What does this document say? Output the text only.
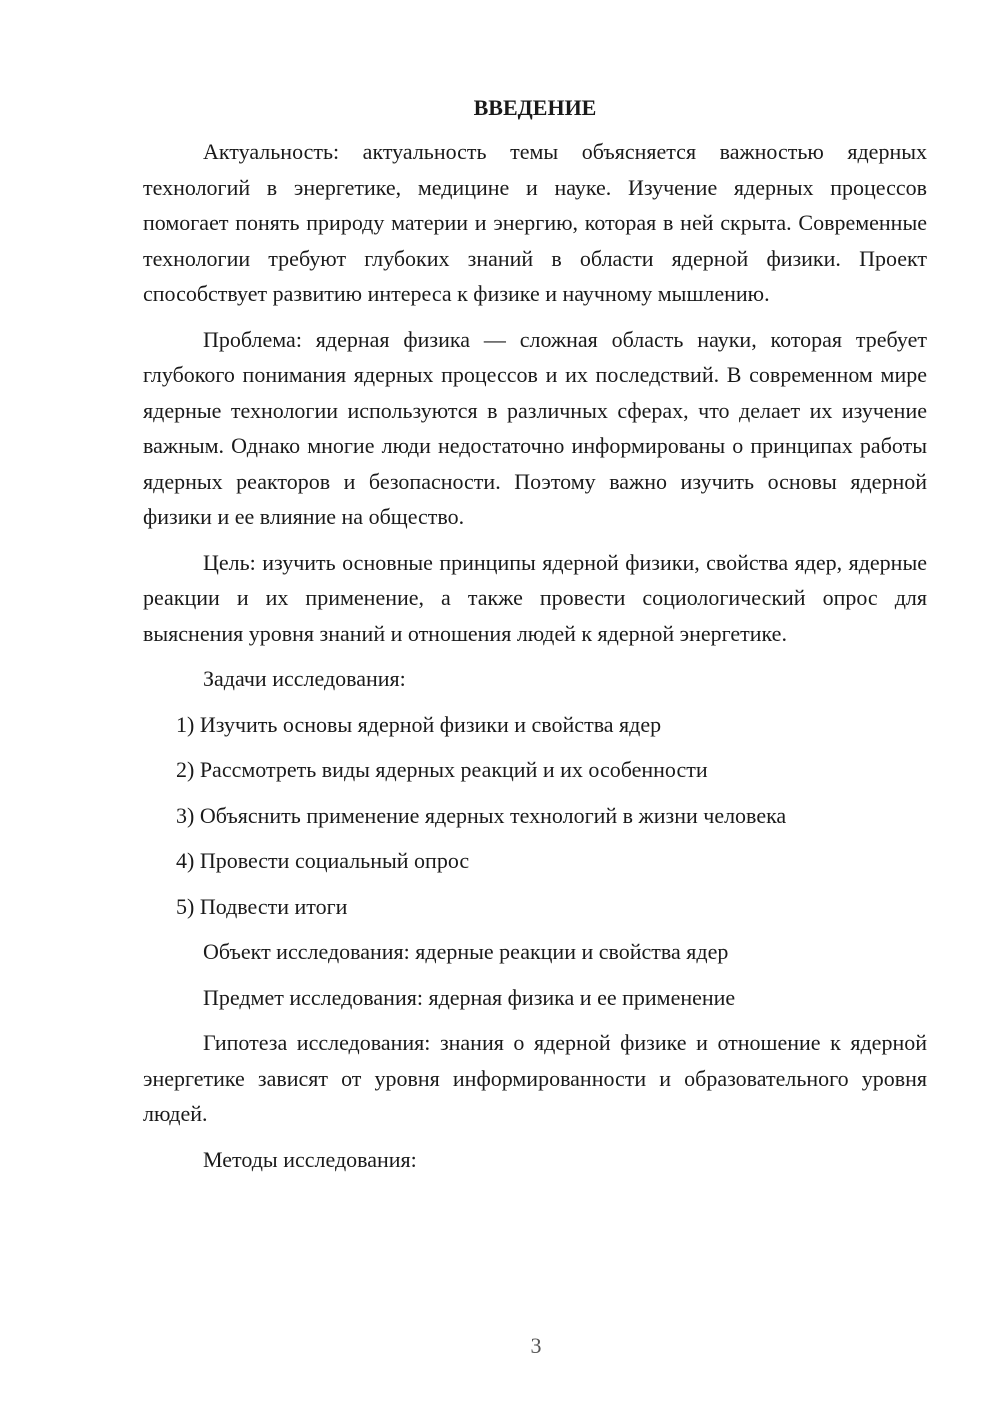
ВВЕДЕНИЕ

Актуальность: актуальность темы объясняется важностью ядерных технологий в энергетике, медицине и науке. Изучение ядерных процессов помогает понять природу материи и энергию, которая в ней скрыта. Современные технологии требуют глубоких знаний в области ядерной физики. Проект способствует развитию интереса к физике и научному мышлению.

Проблема: ядерная физика — сложная область науки, которая требует глубокого понимания ядерных процессов и их последствий. В современном мире ядерные технологии используются в различных сферах, что делает их изучение важным. Однако многие люди недостаточно информированы о принципах работы ядерных реакторов и безопасности. Поэтому важно изучить основы ядерной физики и ее влияние на общество.

Цель: изучить основные принципы ядерной физики, свойства ядер, ядерные реакции и их применение, а также провести социологический опрос для выяснения уровня знаний и отношения людей к ядерной энергетике.

Задачи исследования:

1) Изучить основы ядерной физики и свойства ядер
2) Рассмотреть виды ядерных реакций и их особенности
3) Объяснить применение ядерных технологий в жизни человека
4) Провести социальный опрос
5) Подвести итоги

Объект исследования: ядерные реакции и свойства ядер

Предмет исследования: ядерная физика и ее применение

Гипотеза исследования: знания о ядерной физике и отношение к ядерной энергетике зависят от уровня информированности и образовательного уровня людей.

Методы исследования:

3
